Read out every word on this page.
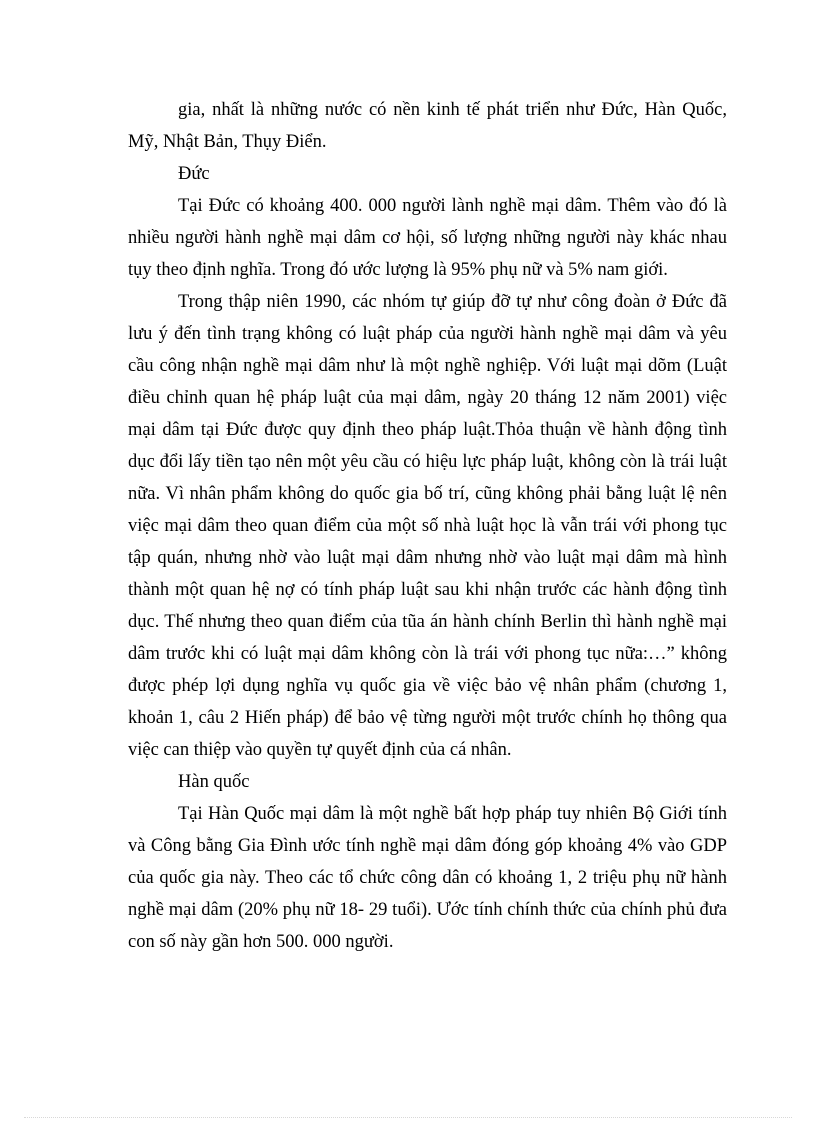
gia, nhất là những nước có nền kinh tế phát triển như Đức, Hàn Quốc, Mỹ, Nhật Bản, Thụy Điển.

Đức

Tại Đức có khoảng 400. 000 người lành nghề mại dâm. Thêm vào đó là nhiều người hành nghề mại dâm cơ hội, số lượng những người này khác nhau tụy theo định nghĩa. Trong đó ước lượng là 95% phụ nữ và 5% nam giới.

Trong thập niên 1990, các nhóm tự giúp đỡ tự như công đoàn ở Đức đã lưu ý đến tình trạng không có luật pháp của người hành nghề mại dâm và yêu cầu công nhận nghề mại dâm như là một nghề nghiệp. Với luật mại dõm (Luật điều chỉnh quan hệ pháp luật của mại dâm, ngày 20 tháng 12 năm 2001) việc mại dâm tại Đức được quy định theo pháp luật.Thỏa thuận về hành động tình dục đổi lấy tiền tạo nên một yêu cầu có hiệu lực pháp luật, không còn là trái luật nữa. Vì nhân phẩm không do quốc gia bố trí, cũng không phải bằng luật lệ nên việc mại dâm theo quan điểm của một số nhà luật học là vẫn trái với phong tục tập quán, nhưng nhờ vào luật mại dâm nhưng nhờ vào luật mại dâm mà hình thành một quan hệ nợ có tính pháp luật sau khi nhận trước các hành động tình dục. Thế nhưng theo quan điểm của tũa án hành chính Berlin thì hành nghề mại dâm trước khi có luật mại dâm không còn là trái với phong tục nữa:…” không được phép lợi dụng nghĩa vụ quốc gia về việc bảo vệ nhân phẩm (chương 1, khoản 1, câu 2 Hiến pháp) để bảo vệ từng người một trước chính họ thông qua việc can thiệp vào quyền tự quyết định của cá nhân.

Hàn quốc

Tại Hàn Quốc mại dâm là một nghề bất hợp pháp tuy nhiên Bộ Giới tính và Công bằng Gia Đình ước tính nghề mại dâm đóng góp khoảng 4% vào GDP của quốc gia này. Theo các tổ chức công dân có khoảng 1, 2 triệu phụ nữ hành nghề mại dâm (20% phụ nữ 18- 29 tuổi). Ước tính chính thức của chính phủ đưa con số này gần hơn 500. 000 người.
